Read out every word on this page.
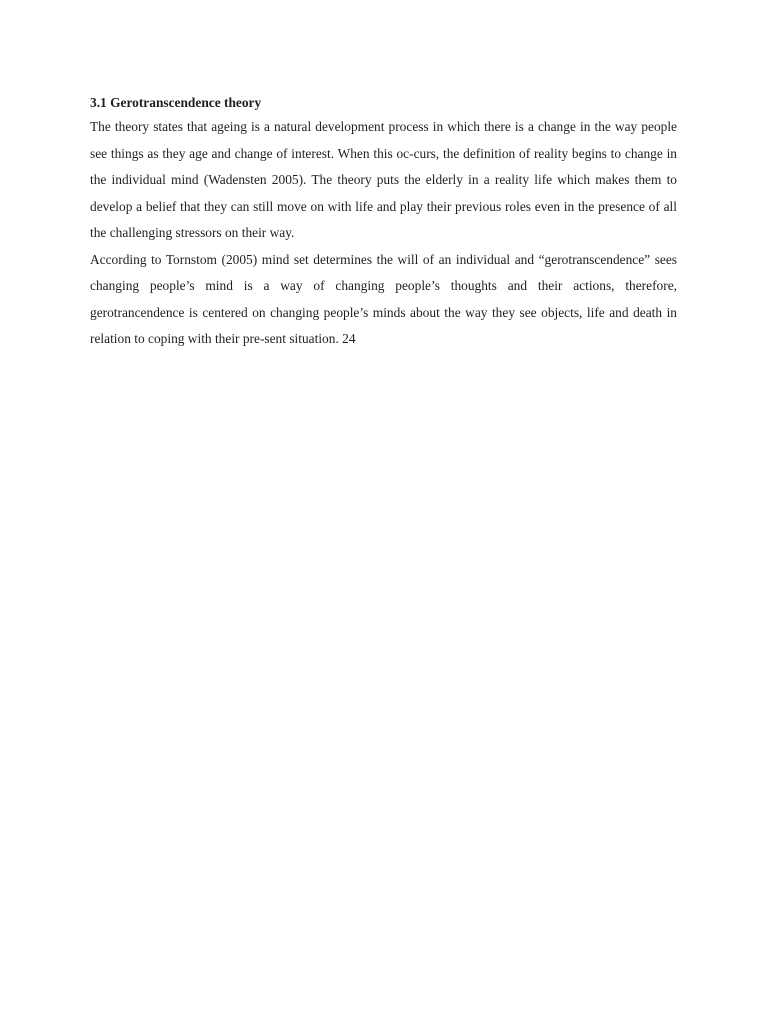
3.1 Gerotranscendence theory

The theory states that ageing is a natural development process in which there is a change in the way people see things as they age and change of interest. When this oc-curs, the definition of reality begins to change in the individual mind (Wadensten 2005). The theory puts the elderly in a reality life which makes them to develop a belief that they can still move on with life and play their previous roles even in the presence of all the challenging stressors on their way.

According to Tornstom (2005) mind set determines the will of an individual and “gerotranscendence” sees changing people’s mind is a way of changing people’s thoughts and their actions, therefore, gerotrancendence is centered on changing people’s minds about the way they see objects, life and death in relation to coping with their pre-sent situation. 24
